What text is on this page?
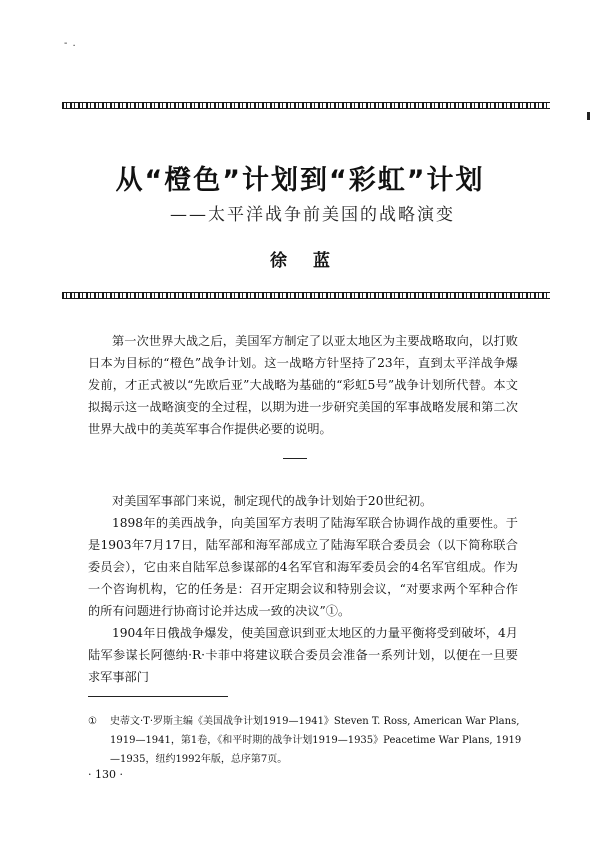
- .
从“橙色”计划到“彩虹”计划
——太平洋战争前美国的战略演变
徐 蓝

第一次世界大战之后，美国军方制定了以亚太地区为主要战略取向，以打败日本为目标的“橙色”战争计划。这一战略方针坚持了23年，直到太平洋战争爆发前，才正式被以“先欧后亚”大战略为基础的“彩虹5号”战争计划所代替。本文拟揭示这一战略演变的全过程，以期为进一步研究美国的军事战略发展和第二次世界大战中的美英军事合作提供必要的说明。

对美国军事部门来说，制定现代的战争计划始于20世纪初。

1898年的美西战争，向美国军方表明了陆海军联合协调作战的重要性。于是1903年7月17日，陆军部和海军部成立了陆海军联合委员会（以下简称联合委员会），它由来自陆军总参谋部的4名军官和海军委员会的4名军官组成。作为一个咨询机构，它的任务是：召开定期会议和特别会议，“对要求两个军种合作的所有问题进行协商讨论并达成一致的决议”①。

1904年日俄战争爆发，使美国意识到亚太地区的力量平衡将受到破坏，4月陆军参谋长阿德纳·R·卡菲中将建议联合委员会准备一系列计划，以便在一旦要求军事部门

①	史蒂文·T·罗斯主编《美国战争计划1919—1941》Steven T. Ross, American War Plans, 1919—1941，第1卷，《和平时期的战争计划1919—1935》Peacetime War Plans, 1919—1935，纽约1992年版，总序第7页。
· 130 ·
